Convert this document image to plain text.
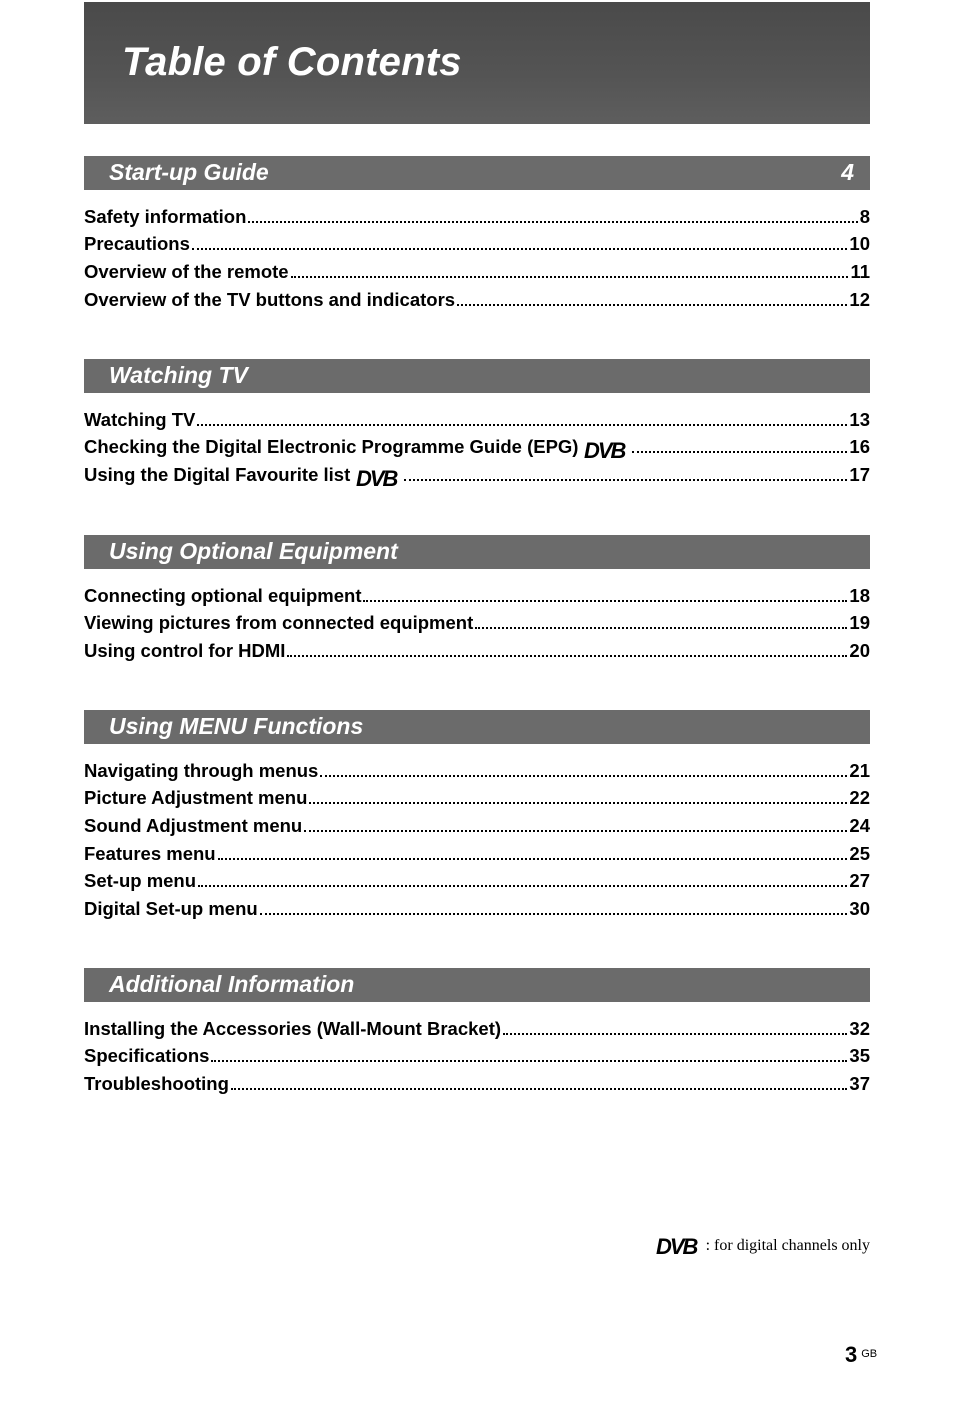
Table of Contents
Start-up Guide	4
Safety information	8
Precautions	10
Overview of the remote	11
Overview of the TV buttons and indicators	12
Watching TV
Watching TV	13
Checking the Digital Electronic Programme Guide (EPG) DVB	16
Using the Digital Favourite list DVB	17
Using Optional Equipment
Connecting optional equipment	18
Viewing pictures from connected equipment	19
Using control for HDMI	20
Using MENU Functions
Navigating through menus	21
Picture Adjustment menu	22
Sound Adjustment menu	24
Features menu	25
Set-up menu	27
Digital Set-up menu	30
Additional Information
Installing the Accessories (Wall-Mount Bracket)	32
Specifications	35
Troubleshooting	37
DVB : for digital channels only
3 $^{GB}$
